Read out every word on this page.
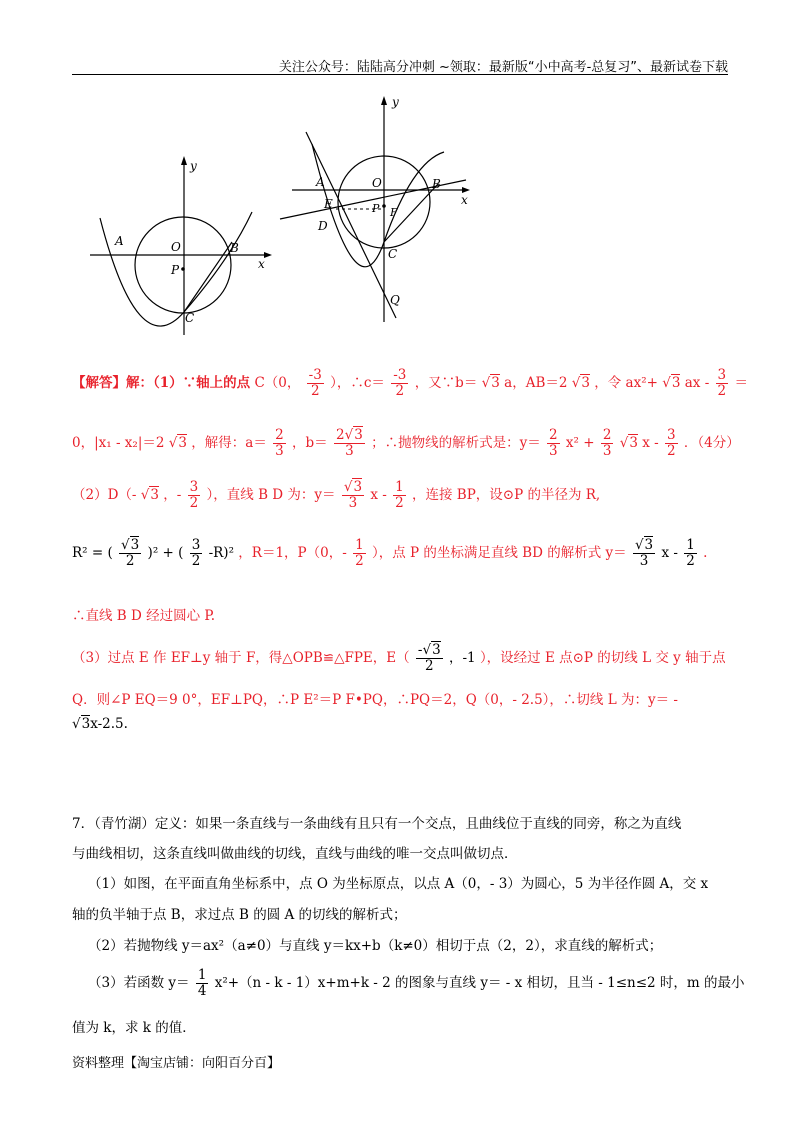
关注公众号：陆陆高分冲刺 ~领取：最新版“小中高考-总复习”、最新试卷下载
y
x
O
A	B
P
C
y
x
O
A	B
E	P F
D
C
Q
【解答】解：（1）∵轴上的点 C（0， $\frac{-3}{2}$ ），∴c＝ $\frac{-3}{2}$ ，又∵b＝ √3 a，AB＝2 √3 ，令 ax²+ √3 ax - $\frac{3}{2}$ ＝
0，|x₁ - x₂|＝2 √3 ，解得：$a= \frac{2}{3}$ ，$b= \frac{2√3}{3}$ ；∴抛物线的解析式是：$y= \frac{2}{3} x^2 + \frac{2}{3} √3$ x - $\frac{3}{2}$ ．（4分）
（2）D（- √3 ，- $\frac{3}{2}$ ），直线 B D 为：$y= \frac{√3}{3}$ x - $\frac{1}{2}$ ，连接 BP，设⊙P 的半径为 R,
R² = ( $\frac{√3}{2} )^2$ + ( $\frac{3}{2} -R)^2$ ，R＝1，P（0，- $\frac{1}{2}$ ），点 P 的坐标满足直线 BD 的解析式 $y= \frac{√3}{3}$ x - $\frac{1}{2}$ .
∴直线 B D 经过圆心 P.
（3）过点 E 作 EF⊥y 轴于 F，得△OPB≌△FPE，$E( \frac{-√3}{2}$ ，-1 ），设经过 E 点⊙P 的切线 L 交 y 轴于点
Q．则∠P EQ＝9 0°，EF⊥PQ，∴P E²＝P F•PQ，∴PQ＝2，Q（0，- 2.5），∴切线 L 为：y＝ -
√3x-2.5.
7．（青竹湖）定义：如果一条直线与一条曲线有且只有一个交点，且曲线位于直线的同旁，称之为直线
与曲线相切，这条直线叫做曲线的切线，直线与曲线的唯一交点叫做切点．
（1）如图，在平面直角坐标系中，点 O 为坐标原点，以点 A（0，- 3）为圆心，5 为半径作圆 A，交 x
轴的负半轴于点 B，求过点 B 的圆 A 的切线的解析式；
（2）若抛物线 y＝ax²（a≠0）与直线 y＝kx+b（k≠0）相切于点（2，2），求直线的解析式；
（3）若函数 $y= \frac{1}{4} x^2+(n - k - 1)x+m+k - 2$ 的图象与直线 y＝ - x 相切，且当 - 1≤n≤2 时，m 的最小
值为 k，求 k 的值．
资料整理【淘宝店铺：向阳百分百】
